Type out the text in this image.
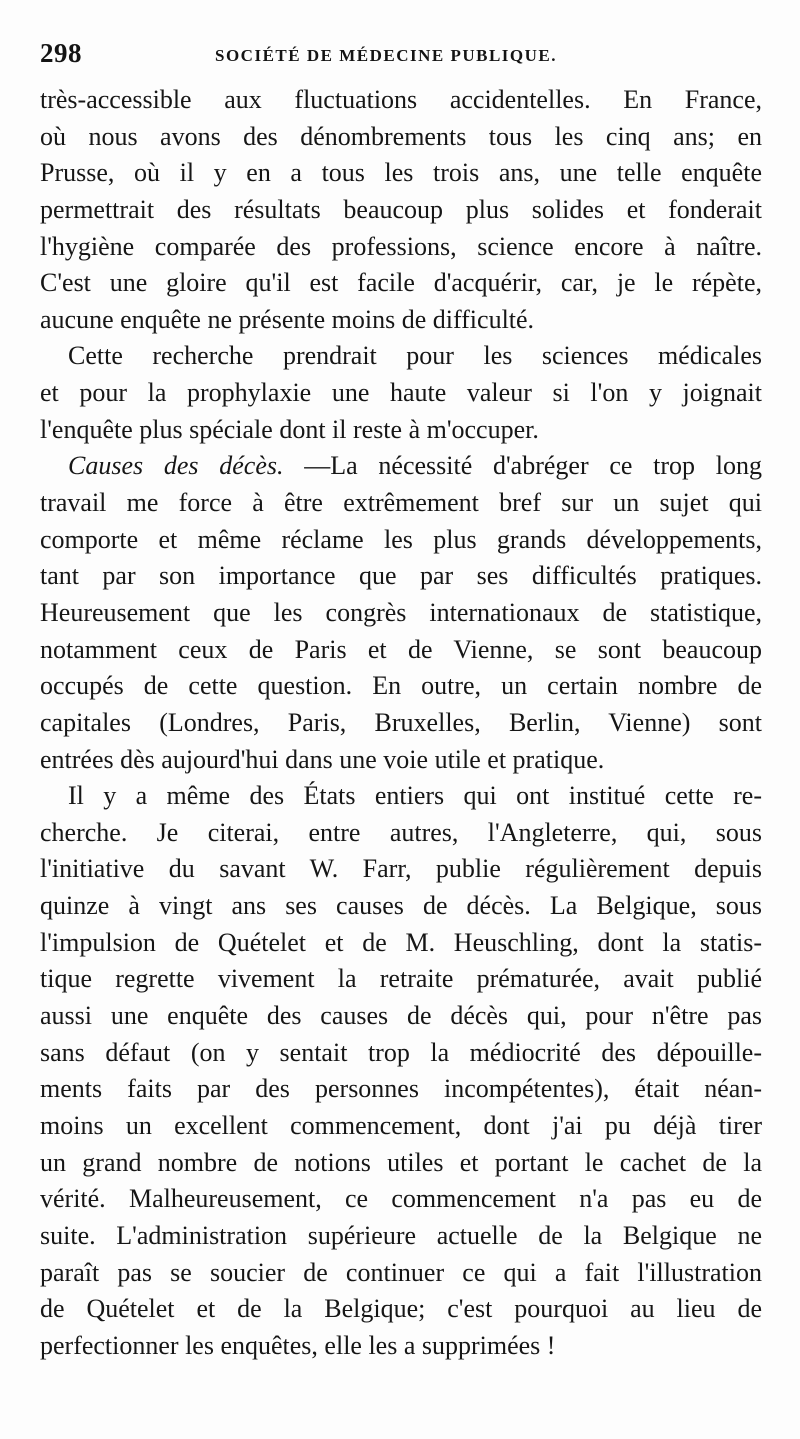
298	SOCIÉTÉ DE MÉDECINE PUBLIQUE.
très-accessible aux fluctuations accidentelles. En France,
où nous avons des dénombrements tous les cinq ans; en
Prusse, où il y en a tous les trois ans, une telle enquête
permettrait des résultats beaucoup plus solides et fonderait
l'hygiène comparée des professions, science encore à naître.
C'est une gloire qu'il est facile d'acquérir, car, je le répète,
aucune enquête ne présente moins de difficulté.
Cette recherche prendrait pour les sciences médicales
et pour la prophylaxie une haute valeur si l'on y joignait
l'enquête plus spéciale dont il reste à m'occuper.
Causes des décès. —La nécessité d'abréger ce trop long
travail me force à être extrêmement bref sur un sujet qui
comporte et même réclame les plus grands développements,
tant par son importance que par ses difficultés pratiques.
Heureusement que les congrès internationaux de statistique,
notamment ceux de Paris et de Vienne, se sont beaucoup
occupés de cette question. En outre, un certain nombre de
capitales (Londres, Paris, Bruxelles, Berlin, Vienne) sont
entrées dès aujourd'hui dans une voie utile et pratique.
Il y a même des États entiers qui ont institué cette re-
cherche. Je citerai, entre autres, l'Angleterre, qui, sous
l'initiative du savant W. Farr, publie régulièrement depuis
quinze à vingt ans ses causes de décès. La Belgique, sous
l'impulsion de Quételet et de M. Heuschling, dont la statis-
tique regrette vivement la retraite prématurée, avait publié
aussi une enquête des causes de décès qui, pour n'être pas
sans défaut (on y sentait trop la médiocrité des dépouille-
ments faits par des personnes incompétentes), était néan-
moins un excellent commencement, dont j'ai pu déjà tirer
un grand nombre de notions utiles et portant le cachet de la
vérité. Malheureusement, ce commencement n'a pas eu de
suite. L'administration supérieure actuelle de la Belgique ne
paraît pas se soucier de continuer ce qui a fait l'illustration
de Quételet et de la Belgique; c'est pourquoi au lieu de
perfectionner les enquêtes, elle les a supprimées !
